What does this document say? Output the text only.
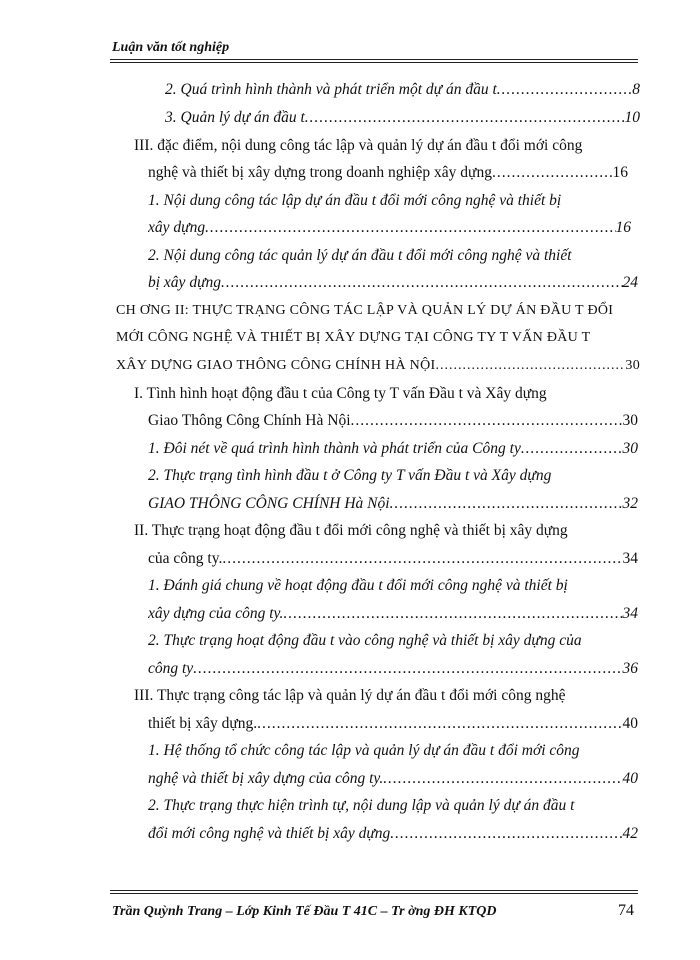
Luận văn tốt nghiệp
2. Quá trình hình thành và phát triển một dự án đầu t .....	8
3. Quản lý dự án đầu t .....	10
III. đặc điểm, nội dung công tác lập và quản lý dự án đầu t đổi mới công
nghệ và thiết bị xây dựng trong doanh nghiệp xây dựng .....	16
1. Nội dung công tác lập dự án đầu t đổi mới công nghệ và thiết bị
xây dựng .....	16
2. Nội dung công tác quản lý dự án đầu t đổi mới công nghệ và thiết
bị xây dựng .....	24
CH ƠNG II: THỰC TRẠNG CÔNG TÁC LẬP VÀ QUẢN LÝ DỰ ÁN ĐẦU T ĐỔI
MỚI CÔNG NGHỆ VÀ THIẾT BỊ XÂY DỰNG TẠI CÔNG TY T VẤN ĐẦU T
XÂY DỰNG GIAO THÔNG CÔNG CHÍNH HÀ NỘI .....	30
I. Tình hình hoạt động đầu t của Công ty T vấn Đầu t và Xây dựng
Giao Thông Công Chính Hà Nội .....	30
1. Đôi nét về quá trình hình thành và phát triển của Công ty .....	30
2. Thực trạng tình hình đầu t ở Công ty T vấn Đầu t và Xây dựng
GIAO THÔNG CÔNG CHÍNH Hà Nội .....	32
II. Thực trạng hoạt động đầu t đổi mới công nghệ và thiết bị xây dựng
của công ty. .....	34
1. Đánh giá chung về hoạt động đầu t đổi mới công nghệ và thiết bị
xây dựng của công ty. .....	34
2. Thực trạng hoạt động đầu t vào công nghệ và thiết bị xây dựng của
công ty .....	36
III. Thực trạng công tác lập và quản lý dự án đầu t đổi mới công nghệ
thiết bị xây dựng. .....	40
1. Hệ thống tổ chức công tác lập và quản lý dự án đầu t đổi mới công
nghệ và thiết bị xây dựng của công ty. .....	40
2. Thực trạng thực hiện trình tự, nội dung lập và quản lý dự án đầu t
đổi mới công nghệ và thiết bị xây dựng .....	42
Trần Quỳnh Trang – Lớp Kinh Tế Đầu T 41C – Tr ờng ĐH KTQD	74
